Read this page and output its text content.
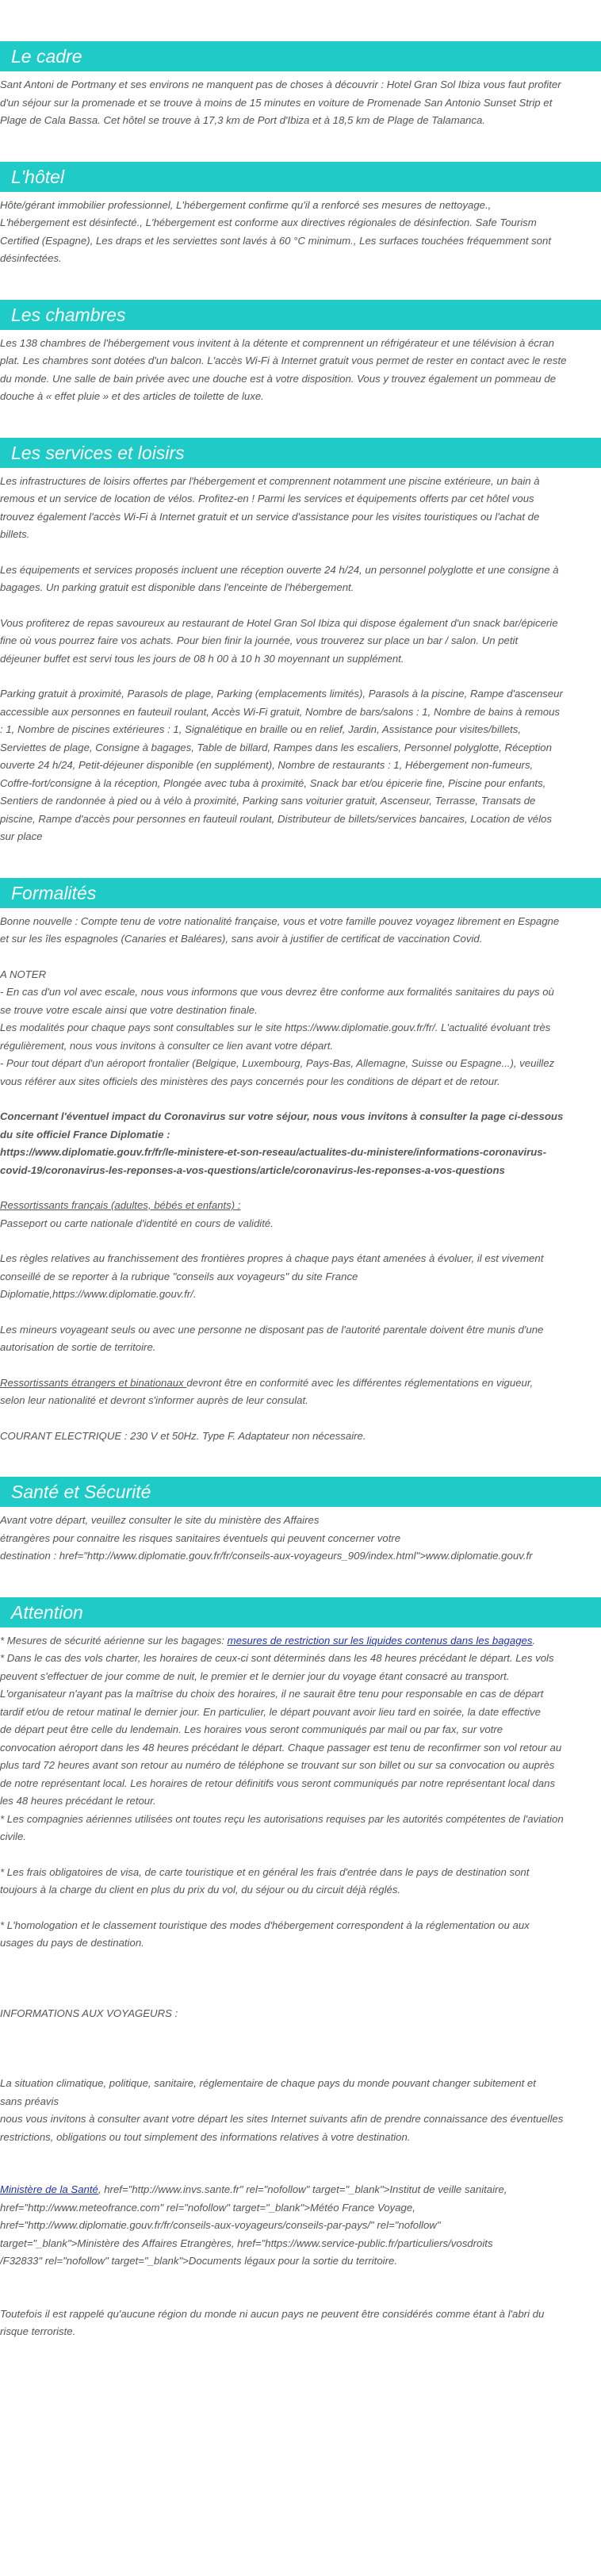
Le cadre

Sant Antoni de Portmany et ses environs ne manquent pas de choses à découvrir : Hotel Gran Sol Ibiza vous faut profiter
d'un séjour sur la promenade et se trouve à moins de 15 minutes en voiture de Promenade San Antonio Sunset Strip et
Plage de Cala Bassa. Cet hôtel se trouve à 17,3 km de Port d'Ibiza et à 18,5 km de Plage de Talamanca.

L'hôtel

Hôte/gérant immobilier professionnel, L'hébergement confirme qu'il a renforcé ses mesures de nettoyage.,
L'hébergement est désinfecté., L'hébergement est conforme aux directives régionales de désinfection. Safe Tourism
Certified (Espagne), Les draps et les serviettes sont lavés à 60 °C minimum., Les surfaces touchées fréquemment sont
désinfectées.

Les chambres

Les 138 chambres de l'hébergement vous invitent à la détente et comprennent un réfrigérateur et une télévision à écran
plat. Les chambres sont dotées d'un balcon. L'accès Wi-Fi à Internet gratuit vous permet de rester en contact avec le reste
du monde. Une salle de bain privée avec une douche est à votre disposition. Vous y trouvez également un pommeau de
douche à « effet pluie » et des articles de toilette de luxe.

Les services et loisirs

Les infrastructures de loisirs offertes par l'hébergement et comprennent notamment une piscine extérieure, un bain à
remous et un service de location de vélos. Profitez-en ! Parmi les services et équipements offerts par cet hôtel vous
trouvez également l'accès Wi-Fi à Internet gratuit et un service d'assistance pour les visites touristiques ou l'achat de
billets.

Les équipements et services proposés incluent une réception ouverte 24 h/24, un personnel polyglotte et une consigne à
bagages. Un parking gratuit est disponible dans l'enceinte de l'hébergement.

Vous profiterez de repas savoureux au restaurant de Hotel Gran Sol Ibiza qui dispose également d'un snack bar/épicerie
fine où vous pourrez faire vos achats. Pour bien finir la journée, vous trouverez sur place un bar / salon. Un petit
déjeuner buffet est servi tous les jours de 08 h 00 à 10 h 30 moyennant un supplément.

Parking gratuit à proximité, Parasols de plage, Parking (emplacements limités), Parasols à la piscine, Rampe d'ascenseur
accessible aux personnes en fauteuil roulant, Accès Wi-Fi gratuit, Nombre de bars/salons : 1, Nombre de bains à remous
: 1, Nombre de piscines extérieures : 1, Signalétique en braille ou en relief, Jardin, Assistance pour visites/billets,
Serviettes de plage, Consigne à bagages, Table de billard, Rampes dans les escaliers, Personnel polyglotte, Réception
ouverte 24 h/24, Petit-déjeuner disponible (en supplément), Nombre de restaurants : 1, Hébergement non-fumeurs,
Coffre-fort/consigne à la réception, Plongée avec tuba à proximité, Snack bar et/ou épicerie fine, Piscine pour enfants,
Sentiers de randonnée à pied ou à vélo à proximité, Parking sans voiturier gratuit, Ascenseur, Terrasse, Transats de
piscine, Rampe d'accès pour personnes en fauteuil roulant, Distributeur de billets/services bancaires, Location de vélos
sur place

Formalités

Bonne nouvelle : Compte tenu de votre nationalité française, vous et votre famille pouvez voyagez librement en Espagne
et sur les îles espagnoles (Canaries et Baléares), sans avoir à justifier de certificat de vaccination Covid.

A NOTER
- En cas d'un vol avec escale, nous vous informons que vous devrez être conforme aux formalités sanitaires du pays où
se trouve votre escale ainsi que votre destination finale.
Les modalités pour chaque pays sont consultables sur le site https://www.diplomatie.gouv.fr/fr/. L'actualité évoluant très
régulièrement, nous vous invitons à consulter ce lien avant votre départ.
- Pour tout départ d'un aéroport frontalier (Belgique, Luxembourg, Pays-Bas, Allemagne, Suisse ou Espagne...), veuillez
vous référer aux sites officiels des ministères des pays concernés pour les conditions de départ et de retour.

Concernant l'éventuel impact du Coronavirus sur votre séjour, nous vous invitons à consulter la page ci-dessous
du site officiel France Diplomatie :
https://www.diplomatie.gouv.fr/fr/le-ministere-et-son-reseau/actualites-du-ministere/informations-coronavirus-
covid-19/coronavirus-les-reponses-a-vos-questions/article/coronavirus-les-reponses-a-vos-questions

Ressortissants français (adultes, bébés et enfants) :
Passeport ou carte nationale d'identité en cours de validité.

Les règles relatives au franchissement des frontières propres à chaque pays étant amenées à évoluer, il est vivement
conseillé de se reporter à la rubrique "conseils aux voyageurs" du site France
Diplomatie,https://www.diplomatie.gouv.fr/.

Les mineurs voyageant seuls ou avec une personne ne disposant pas de l'autorité parentale doivent être munis d'une
autorisation de sortie de territoire.

Ressortissants étrangers et binationaux devront être en conformité avec les différentes réglementations en vigueur,
selon leur nationalité et devront s'informer auprès de leur consulat.

COURANT ELECTRIQUE : 230 V et 50Hz. Type F. Adaptateur non nécessaire.

Santé et Sécurité

Avant votre départ, veuillez consulter le site du ministère des Affaires
étrangères pour connaitre les risques sanitaires éventuels qui peuvent concerner votre
destination : href="http://www.diplomatie.gouv.fr/fr/conseils-aux-voyageurs_909/index.html">www.diplomatie.gouv.fr

Attention

* Mesures de sécurité aérienne sur les bagages: mesures de restriction sur les liquides contenus dans les bagages.
* Dans le cas des vols charter, les horaires de ceux-ci sont déterminés dans les 48 heures précédant le départ. Les vols
peuvent s'effectuer de jour comme de nuit, le premier et le dernier jour du voyage étant consacré au transport.
L'organisateur n'ayant pas la maîtrise du choix des horaires, il ne saurait être tenu pour responsable en cas de départ
tardif et/ou de retour matinal le dernier jour. En particulier, le départ pouvant avoir lieu tard en soirée, la date effective
de départ peut être celle du lendemain. Les horaires vous seront communiqués par mail ou par fax, sur votre
convocation aéroport dans les 48 heures précédant le départ. Chaque passager est tenu de reconfirmer son vol retour au
plus tard 72 heures avant son retour au numéro de téléphone se trouvant sur son billet ou sur sa convocation ou auprès
de notre représentant local. Les horaires de retour définitifs vous seront communiqués par notre représentant local dans
les 48 heures précédant le retour.
* Les compagnies aériennes utilisées ont toutes reçu les autorisations requises par les autorités compétentes de l'aviation
civile.

* Les frais obligatoires de visa, de carte touristique et en général les frais d'entrée dans le pays de destination sont
toujours à la charge du client en plus du prix du vol, du séjour ou du circuit déjà réglés.

* L'homologation et le classement touristique des modes d'hébergement correspondent à la réglementation ou aux
usages du pays de destination.

INFORMATIONS AUX VOYAGEURS :

La situation climatique, politique, sanitaire, réglementaire de chaque pays du monde pouvant changer subitement et
sans préavis
nous vous invitons à consulter avant votre départ les sites Internet suivants afin de prendre connaissance des éventuelles
restrictions, obligations ou tout simplement des informations relatives à votre destination.

Ministère de la Santé, href="http://www.invs.sante.fr" rel="nofollow" target="_blank">Institut de veille sanitaire,
href="http://www.meteofrance.com" rel="nofollow" target="_blank">Météo France Voyage,
href="http://www.diplomatie.gouv.fr/fr/conseils-aux-voyageurs/conseils-par-pays/" rel="nofollow"
target="_blank">Ministère des Affaires Etrangères, href="https://www.service-public.fr/particuliers/vosdroits
/F32833" rel="nofollow" target="_blank">Documents légaux pour la sortie du territoire.

Toutefois il est rappelé qu'aucune région du monde ni aucun pays ne peuvent être considérés comme étant à l'abri du
risque terroriste.
